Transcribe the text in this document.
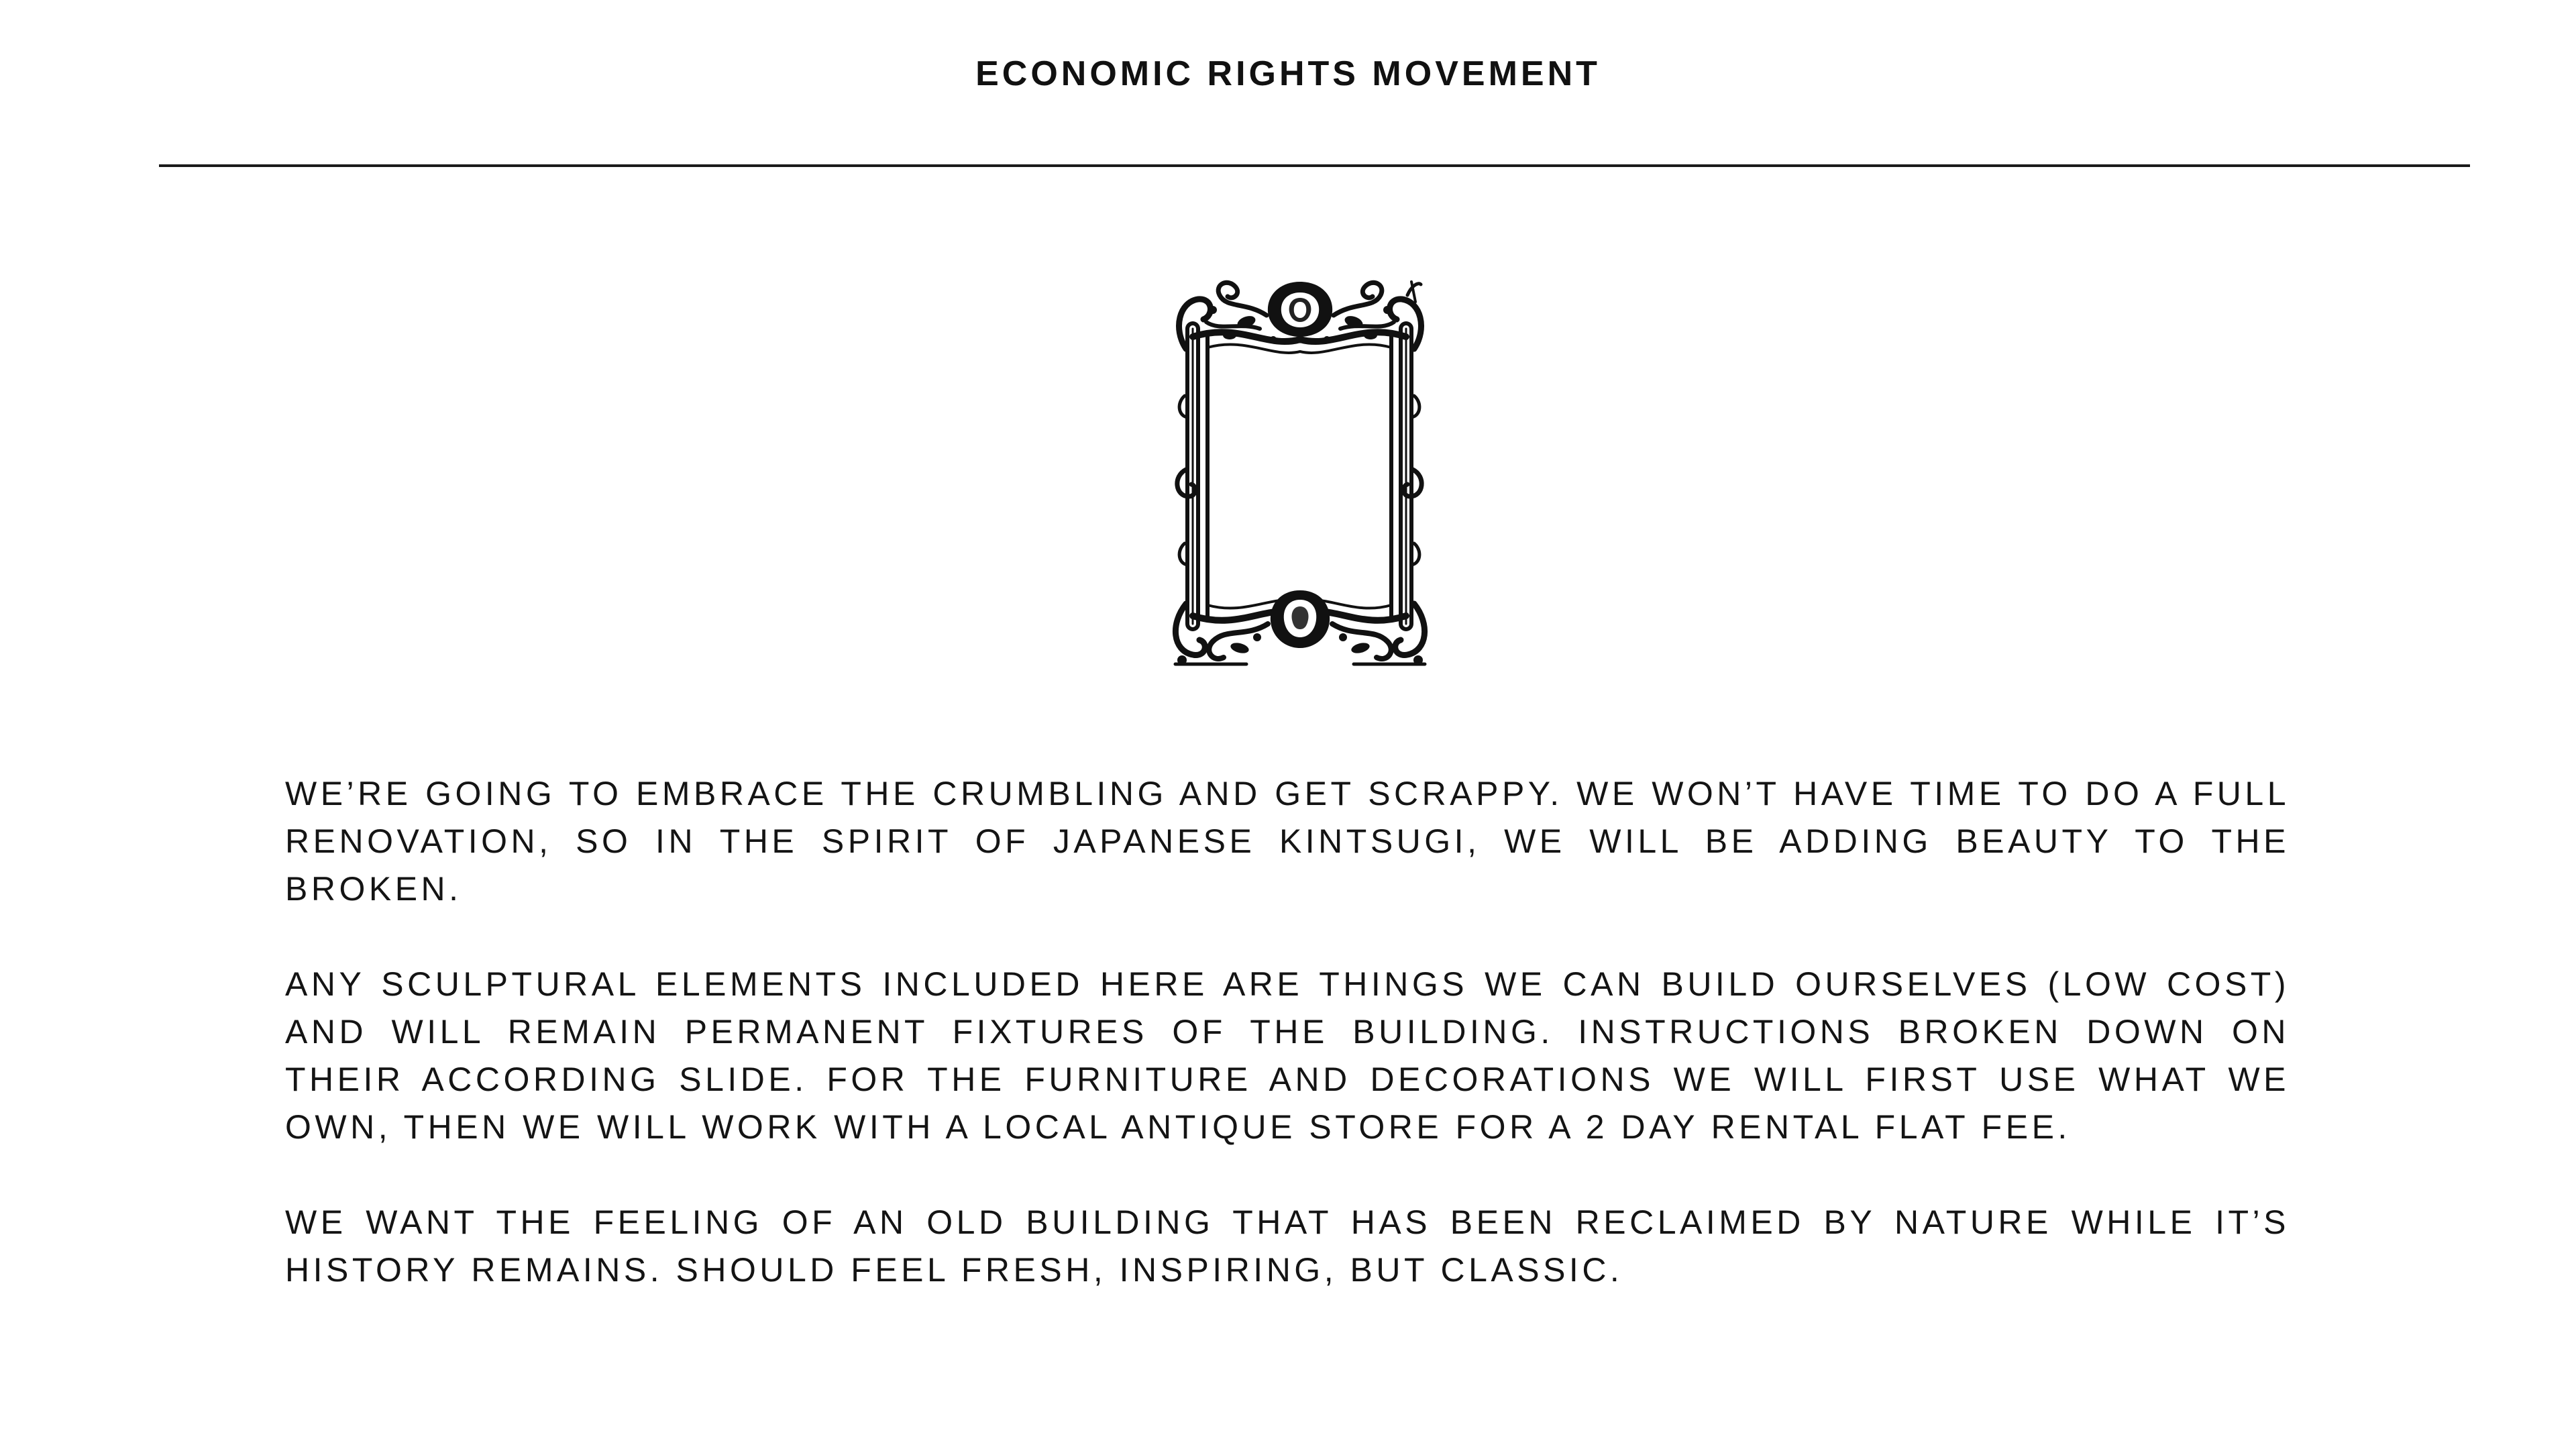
ECONOMIC RIGHTS MOVEMENT

WE’RE GOING TO EMBRACE THE CRUMBLING AND GET SCRAPPY. WE WON’T HAVE TIME TO DO A FULL RENOVATION, SO IN THE SPIRIT OF JAPANESE KINTSUGI, WE WILL BE ADDING BEAUTY TO THE BROKEN.

ANY SCULPTURAL ELEMENTS INCLUDED HERE ARE THINGS WE CAN BUILD OURSELVES (LOW COST) AND WILL REMAIN PERMANENT FIXTURES OF THE BUILDING. INSTRUCTIONS BROKEN DOWN ON THEIR ACCORDING SLIDE. FOR THE FURNITURE AND DECORATIONS WE WILL FIRST USE WHAT WE OWN, THEN WE WILL WORK WITH A LOCAL ANTIQUE STORE FOR A 2 DAY RENTAL FLAT FEE.

WE WANT THE FEELING OF AN OLD BUILDING THAT HAS BEEN RECLAIMED BY NATURE WHILE IT’S HISTORY REMAINS. SHOULD FEEL FRESH, INSPIRING, BUT CLASSIC.
